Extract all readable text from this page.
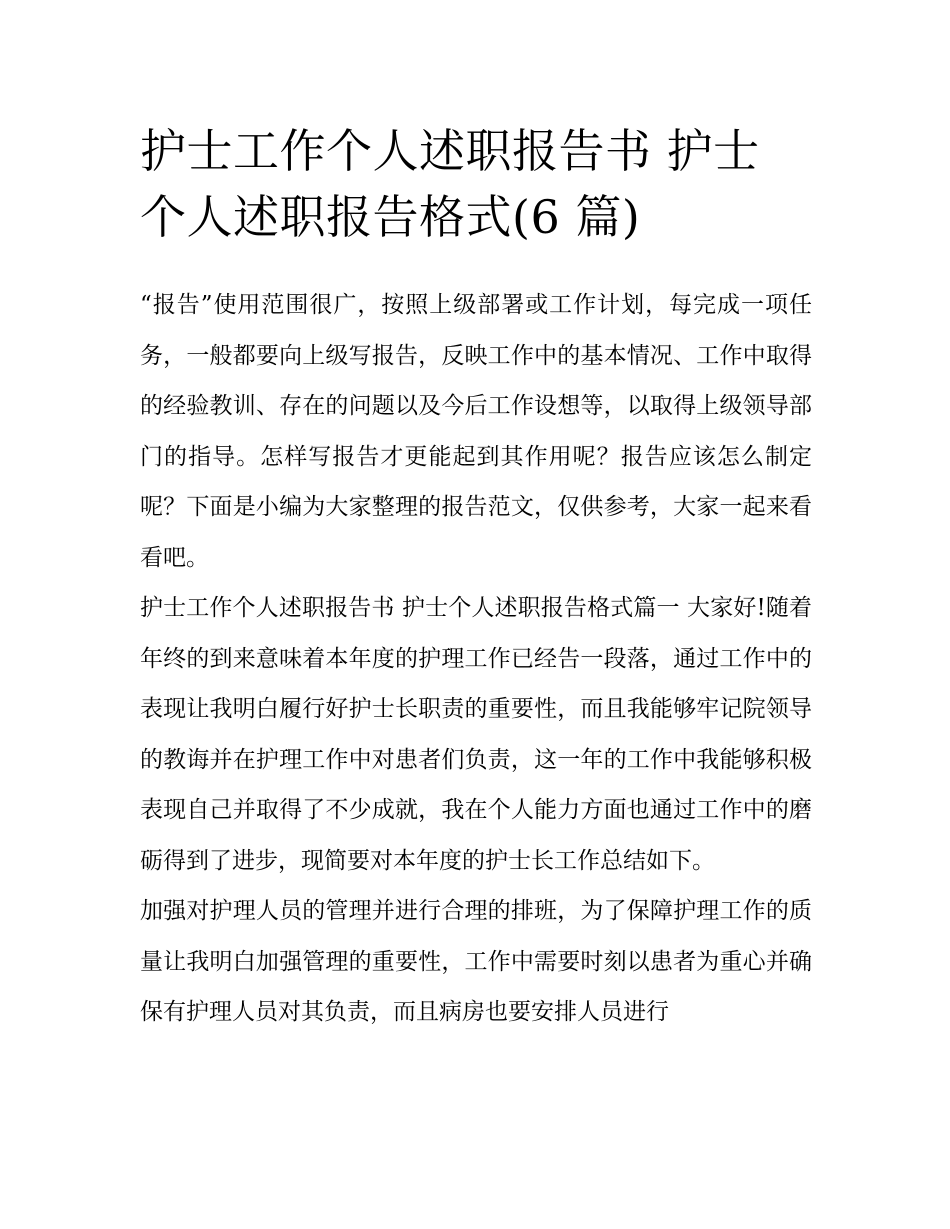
护士工作个人述职报告书 护士
个人述职报告格式(6 篇)

“报告”使用范围很广，按照上级部署或工作计划，每完成一项任务，一般都要向上级写报告，反映工作中的基本情况、工作中取得的经验教训、存在的问题以及今后工作设想等，以取得上级领导部门的指导。怎样写报告才更能起到其作用呢？报告应该怎么制定呢？下面是小编为大家整理的报告范文，仅供参考，大家一起来看看吧。

护士工作个人述职报告书 护士个人述职报告格式篇一 大家好!随着年终的到来意味着本年度的护理工作已经告一段落，通过工作中的表现让我明白履行好护士长职责的重要性，而且我能够牢记院领导的教诲并在护理工作中对患者们负责，这一年的工作中我能够积极表现自己并取得了不少成就，我在个人能力方面也通过工作中的磨砺得到了进步，现简要对本年度的护士长工作总结如下。

加强对护理人员的管理并进行合理的排班，为了保障护理工作的质量让我明白加强管理的重要性，工作中需要时刻以患者为重心并确保有护理人员对其负责，而且病房也要安排人员进行
